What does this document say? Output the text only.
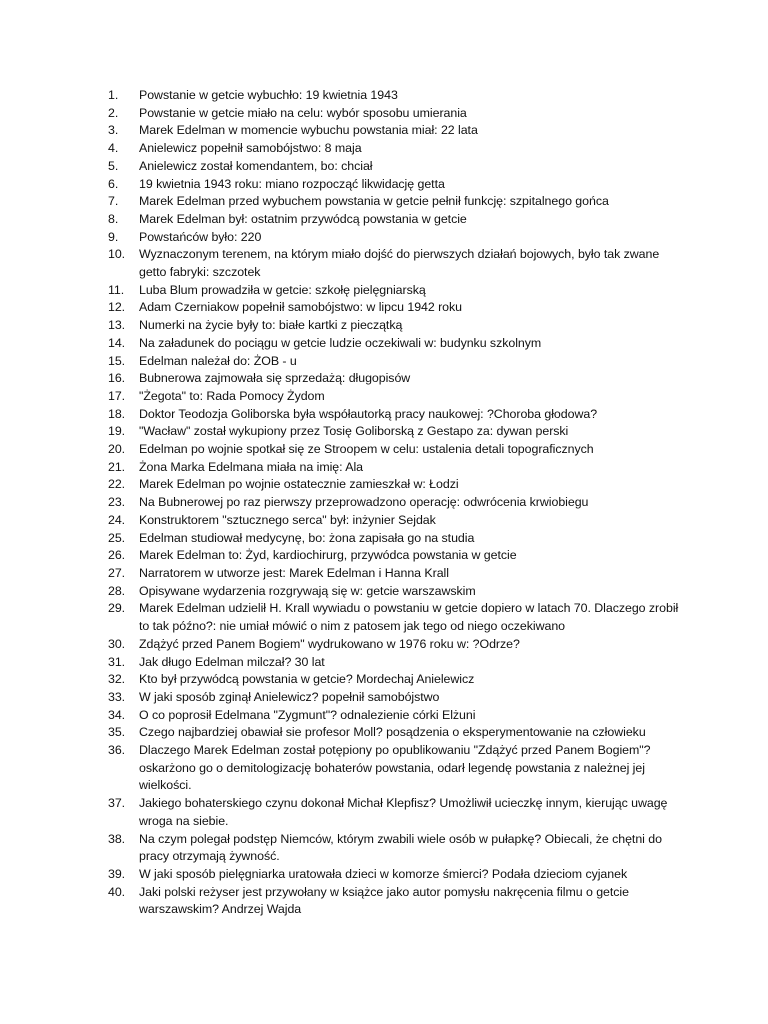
1.	Powstanie w getcie wybuchło: 19 kwietnia 1943
2.	Powstanie w getcie miało na celu: wybór sposobu umierania
3.	Marek Edelman w momencie wybuchu powstania miał: 22 lata
4.	Anielewicz popełnił samobójstwo: 8 maja
5.	Anielewicz został komendantem, bo: chciał
6.	19 kwietnia 1943 roku: miano rozpocząć likwidację getta
7.	Marek Edelman przed wybuchem powstania w getcie pełnił funkcję: szpitalnego gońca
8.	Marek Edelman był: ostatnim przywódcą powstania w getcie
9.	Powstańców było: 220
10.	Wyznaczonym terenem, na którym miało dojść do pierwszych działań bojowych, było tak zwane getto fabryki: szczotek
11.	Luba Blum prowadziła w getcie: szkołę pielęgniarską
12.	Adam Czerniakow popełnił samobójstwo: w lipcu 1942 roku
13.	Numerki na życie były to: białe kartki z pieczątką
14.	Na załadunek do pociągu w getcie ludzie oczekiwali w: budynku szkolnym
15.	Edelman należał do: ŻOB - u
16.	Bubnerowa zajmowała się sprzedażą: długopisów
17.	"Żegota" to: Rada Pomocy Żydom
18.	Doktor Teodozja Goliborska była współautorką pracy naukowej: ?Choroba głodowa?
19.	"Wacław" został wykupiony przez Tosię Goliborską z Gestapo za: dywan perski
20.	Edelman po wojnie spotkał się ze Stroopem w celu: ustalenia detali topograficznych
21.	Żona Marka Edelmana miała na imię: Ala
22.	Marek Edelman po wojnie ostatecznie zamieszkał w: Łodzi
23.	Na Bubnerowej po raz pierwszy przeprowadzono operację: odwrócenia krwiobiegu
24.	Konstruktorem "sztucznego serca" był: inżynier Sejdak
25.	Edelman studiował medycynę, bo: żona zapisała go na studia
26.	Marek Edelman to: Żyd, kardiochirurg, przywódca powstania w getcie
27.	Narratorem w utworze jest: Marek Edelman i Hanna Krall
28.	Opisywane wydarzenia rozgrywają się w: getcie warszawskim
29.	Marek Edelman udzielił H. Krall wywiadu o powstaniu w getcie dopiero w latach 70. Dlaczego zrobił to tak późno?: nie umiał mówić o nim z patosem jak tego od niego oczekiwano
30.	Zdążyć przed Panem Bogiem" wydrukowano w 1976 roku w: ?Odrze?
31.	Jak długo Edelman milczał? 30 lat
32.	Kto był przywódcą powstania w getcie? Mordechaj Anielewicz
33.	W jaki sposób zginął Anielewicz? popełnił samobójstwo
34.	O co poprosił Edelmana "Zygmunt"? odnalezienie córki Elżuni
35.	Czego najbardziej obawiał sie profesor Moll? posądzenia o eksperymentowanie na człowieku
36.	Dlaczego Marek Edelman został potępiony po opublikowaniu "Zdążyć przed Panem Bogiem"? oskarżono go o demitologizację bohaterów powstania, odarł legendę powstania z należnej jej wielkości.
37.	Jakiego bohaterskiego czynu dokonał Michał Klepfisz? Umożliwił ucieczkę innym, kierując uwagę wroga na siebie.
38.	Na czym polegał podstęp Niemców, którym zwabili wiele osób w pułapkę? Obiecali, że chętni do pracy otrzymają żywność.
39.	W jaki sposób pielęgniarka uratowała dzieci w komorze śmierci? Podała dzieciom cyjanek
40.	Jaki polski reżyser jest przywołany w książce jako autor pomysłu nakręcenia filmu o getcie warszawskim? Andrzej Wajda
